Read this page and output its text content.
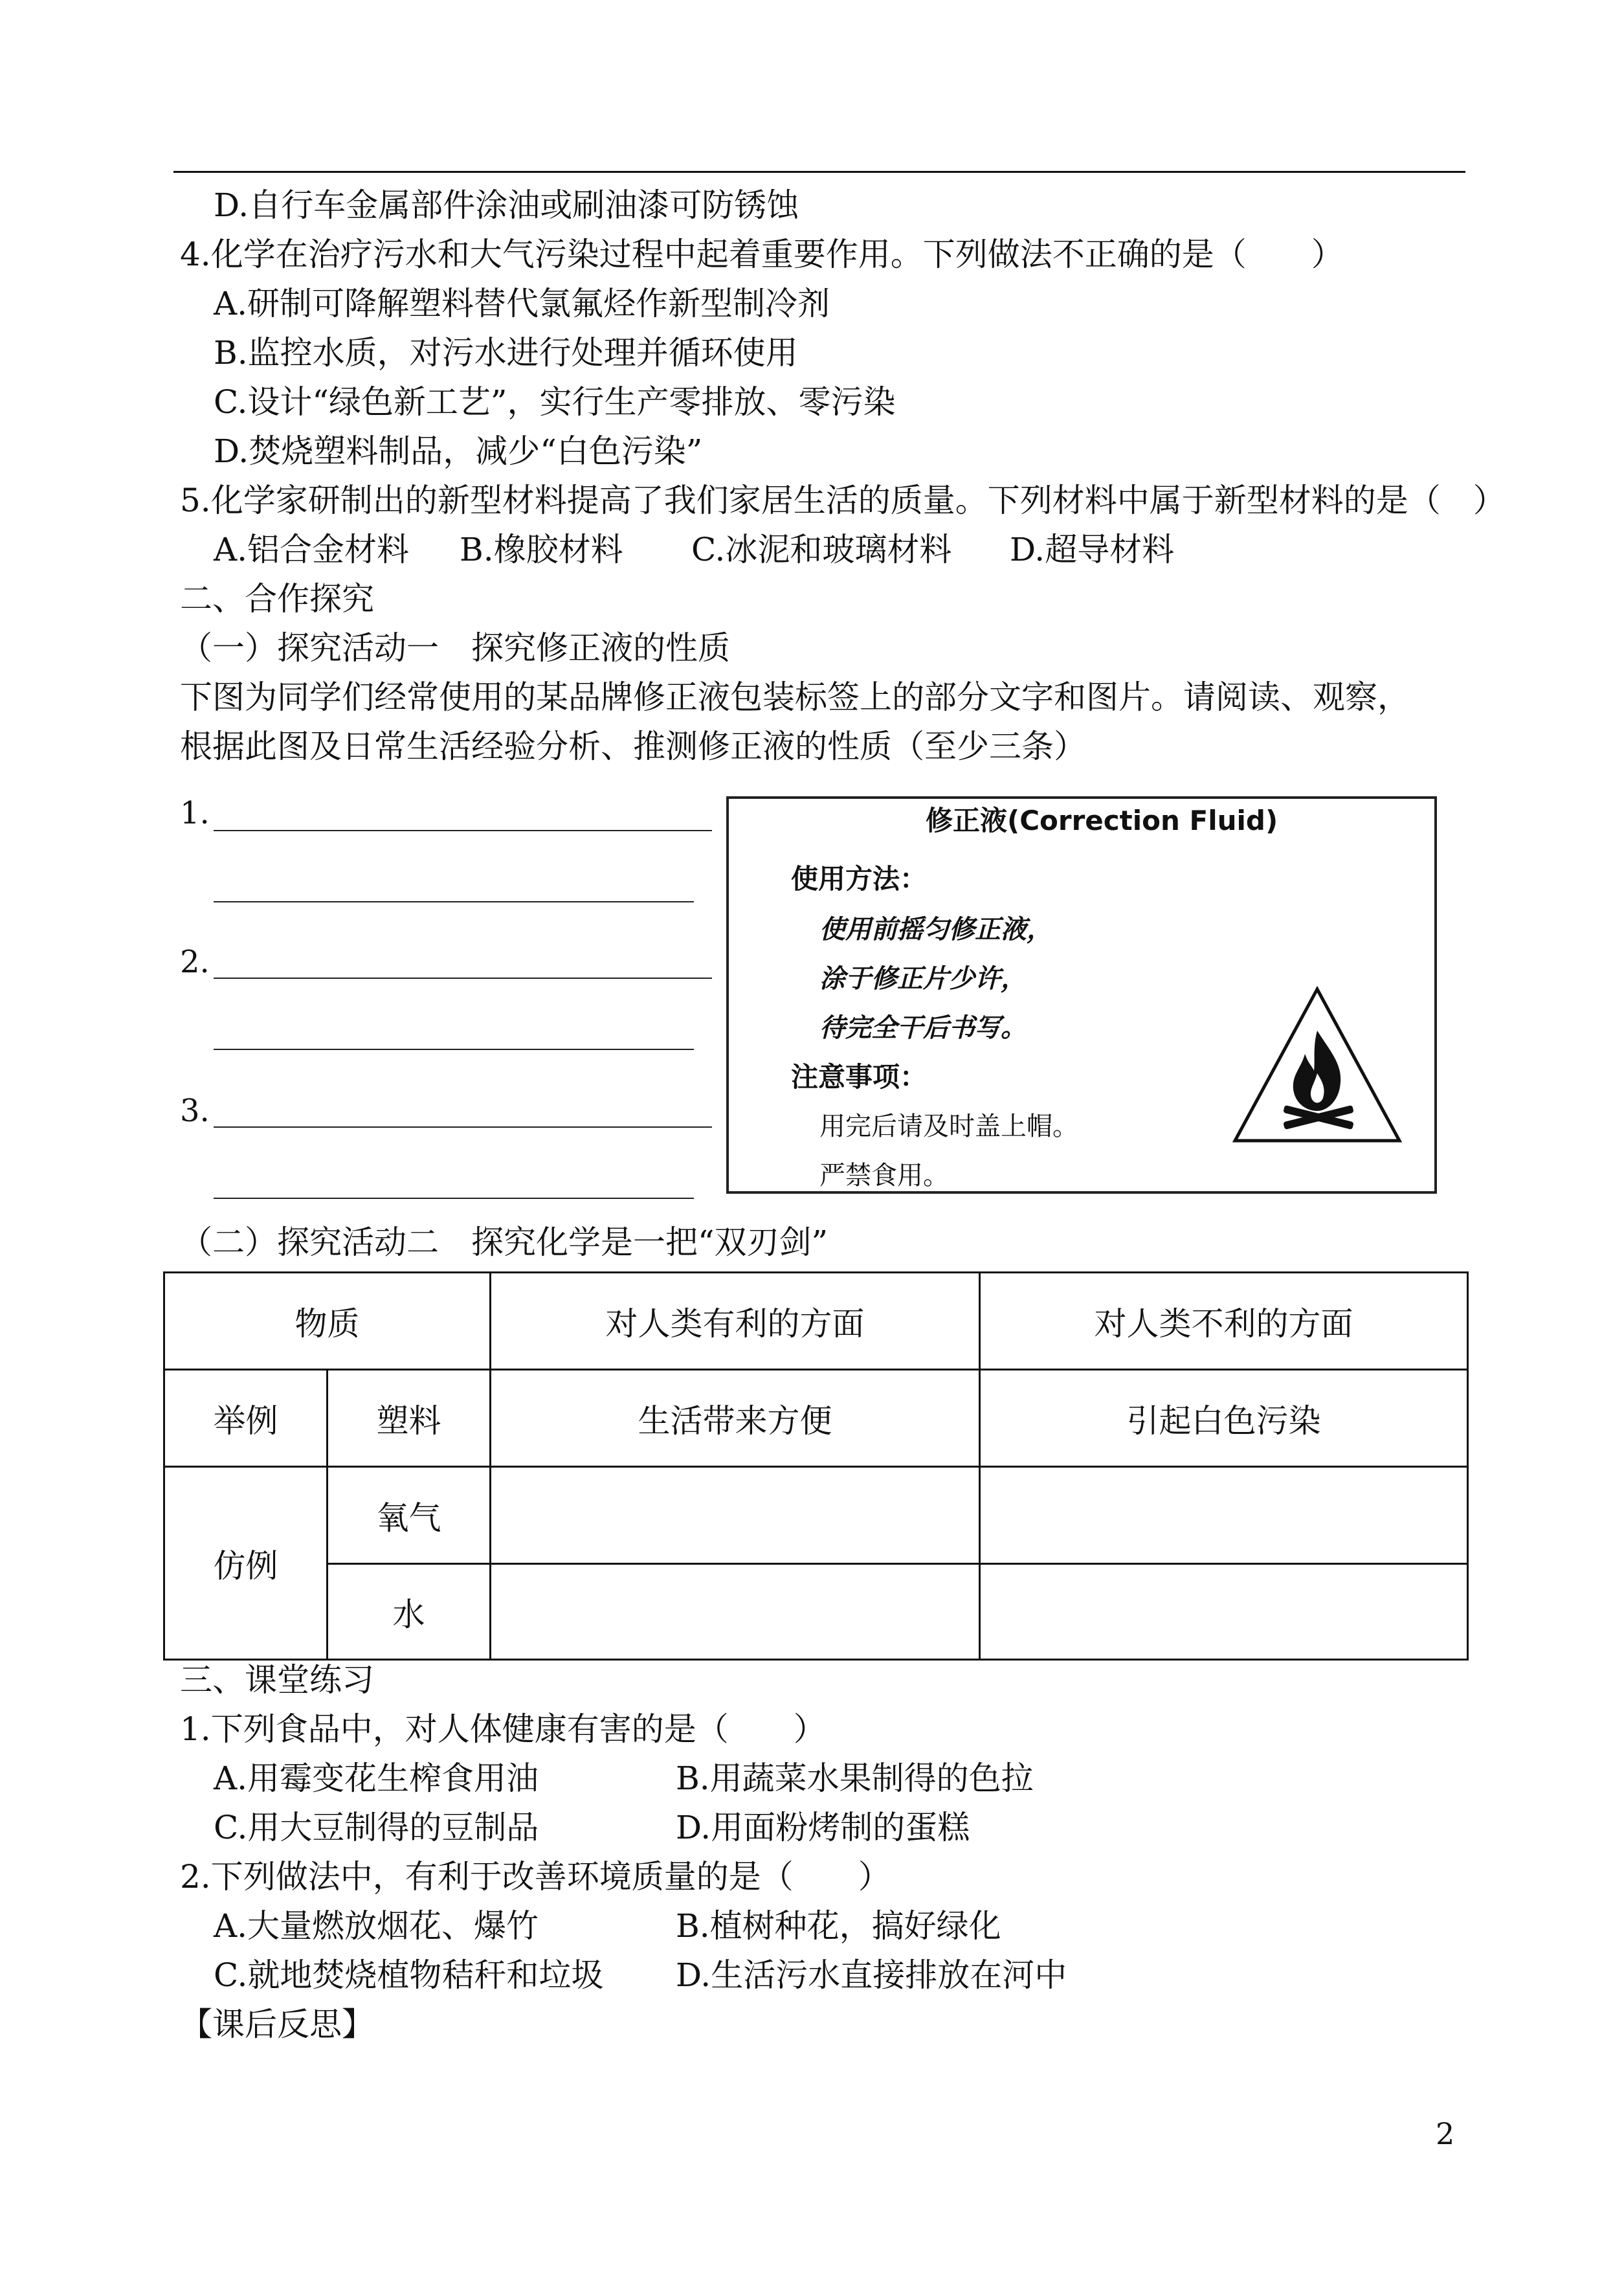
D.自行车金属部件涂油或刷油漆可防锈蚀
4.化学在治疗污水和大气污染过程中起着重要作用。下列做法不正确的是（　　）
A.研制可降解塑料替代氯氟烃作新型制冷剂
B.监控水质，对污水进行处理并循环使用
C.设计“绿色新工艺”，实行生产零排放、零污染
D.焚烧塑料制品，减少“白色污染”
5.化学家研制出的新型材料提高了我们家居生活的质量。下列材料中属于新型材料的是（　）
A.铝合金材料 B.橡胶材料 C.冰泥和玻璃材料 D.超导材料
二、合作探究
（一）探究活动一　探究修正液的性质
下图为同学们经常使用的某品牌修正液包装标签上的部分文字和图片。请阅读、观察，
根据此图及日常生活经验分析、推测修正液的性质（至少三条）
1.
2.
3.
修正液(Correction Fluid)
使用方法：
使用前摇匀修正液，
涂于修正片少许，
待完全干后书写。
注意事项：
用完后请及时盖上帽。
严禁食用。
（二）探究活动二　探究化学是一把“双刃剑”
物质		对人类有利的方面	对人类不利的方面
举例	塑料	生活带来方便	引起白色污染
仿例	氧气		
	水		
三、课堂练习
1.下列食品中，对人体健康有害的是（　　）
A.用霉变花生榨食用油	B.用蔬菜水果制得的色拉
C.用大豆制得的豆制品	D.用面粉烤制的蛋糕
2.下列做法中，有利于改善环境质量的是（　　）
A.大量燃放烟花、爆竹	B.植树种花，搞好绿化
C.就地焚烧植物秸秆和垃圾 D.生活污水直接排放在河中
【课后反思】
2
